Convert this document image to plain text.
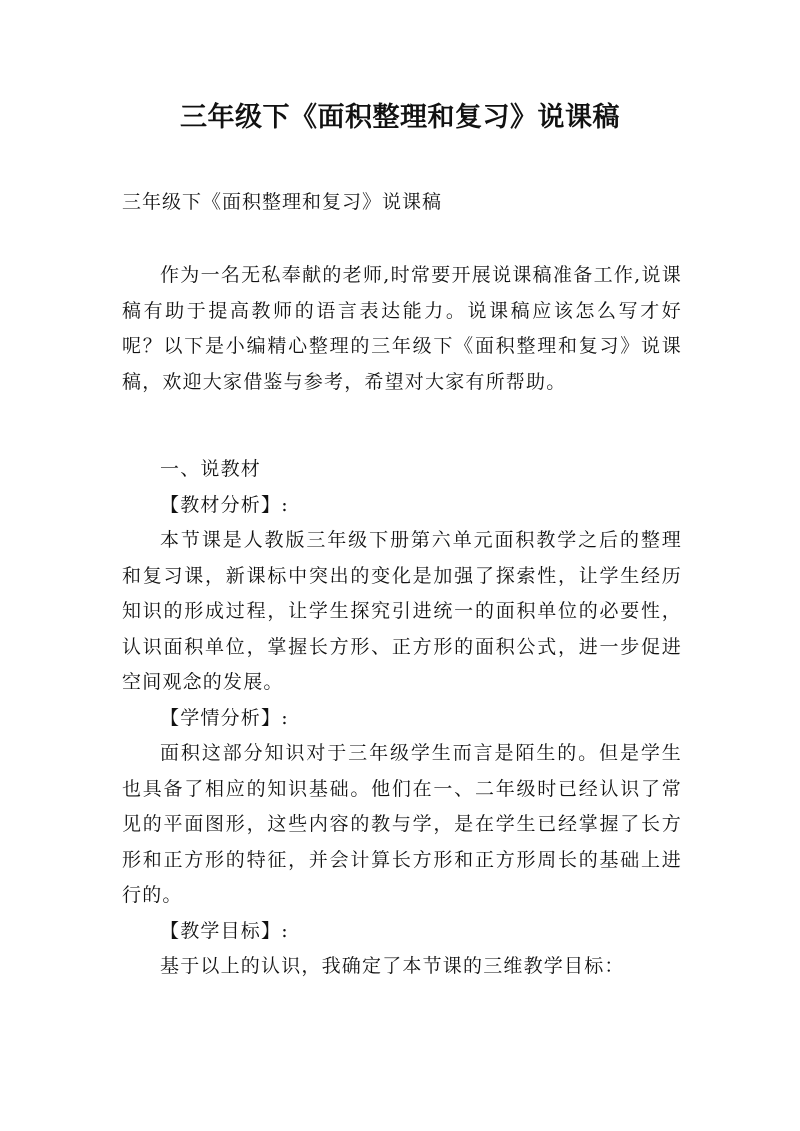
三年级下《面积整理和复习》说课稿
三年级下《面积整理和复习》说课稿

作为一名无私奉献的老师,时常要开展说课稿准备工作,说课稿有助于提高教师的语言表达能力。说课稿应该怎么写才好呢？以下是小编精心整理的三年级下《面积整理和复习》说课稿，欢迎大家借鉴与参考，希望对大家有所帮助。

一、说教材

【教材分析】:

本节课是人教版三年级下册第六单元面积教学之后的整理和复习课，新课标中突出的变化是加强了探索性，让学生经历知识的形成过程，让学生探究引进统一的面积单位的必要性，认识面积单位，掌握长方形、正方形的面积公式，进一步促进空间观念的发展。

【学情分析】:

面积这部分知识对于三年级学生而言是陌生的。但是学生也具备了相应的知识基础。他们在一、二年级时已经认识了常见的平面图形，这些内容的教与学，是在学生已经掌握了长方形和正方形的特征，并会计算长方形和正方形周长的基础上进行的。

【教学目标】:

基于以上的认识，我确定了本节课的三维教学目标：
